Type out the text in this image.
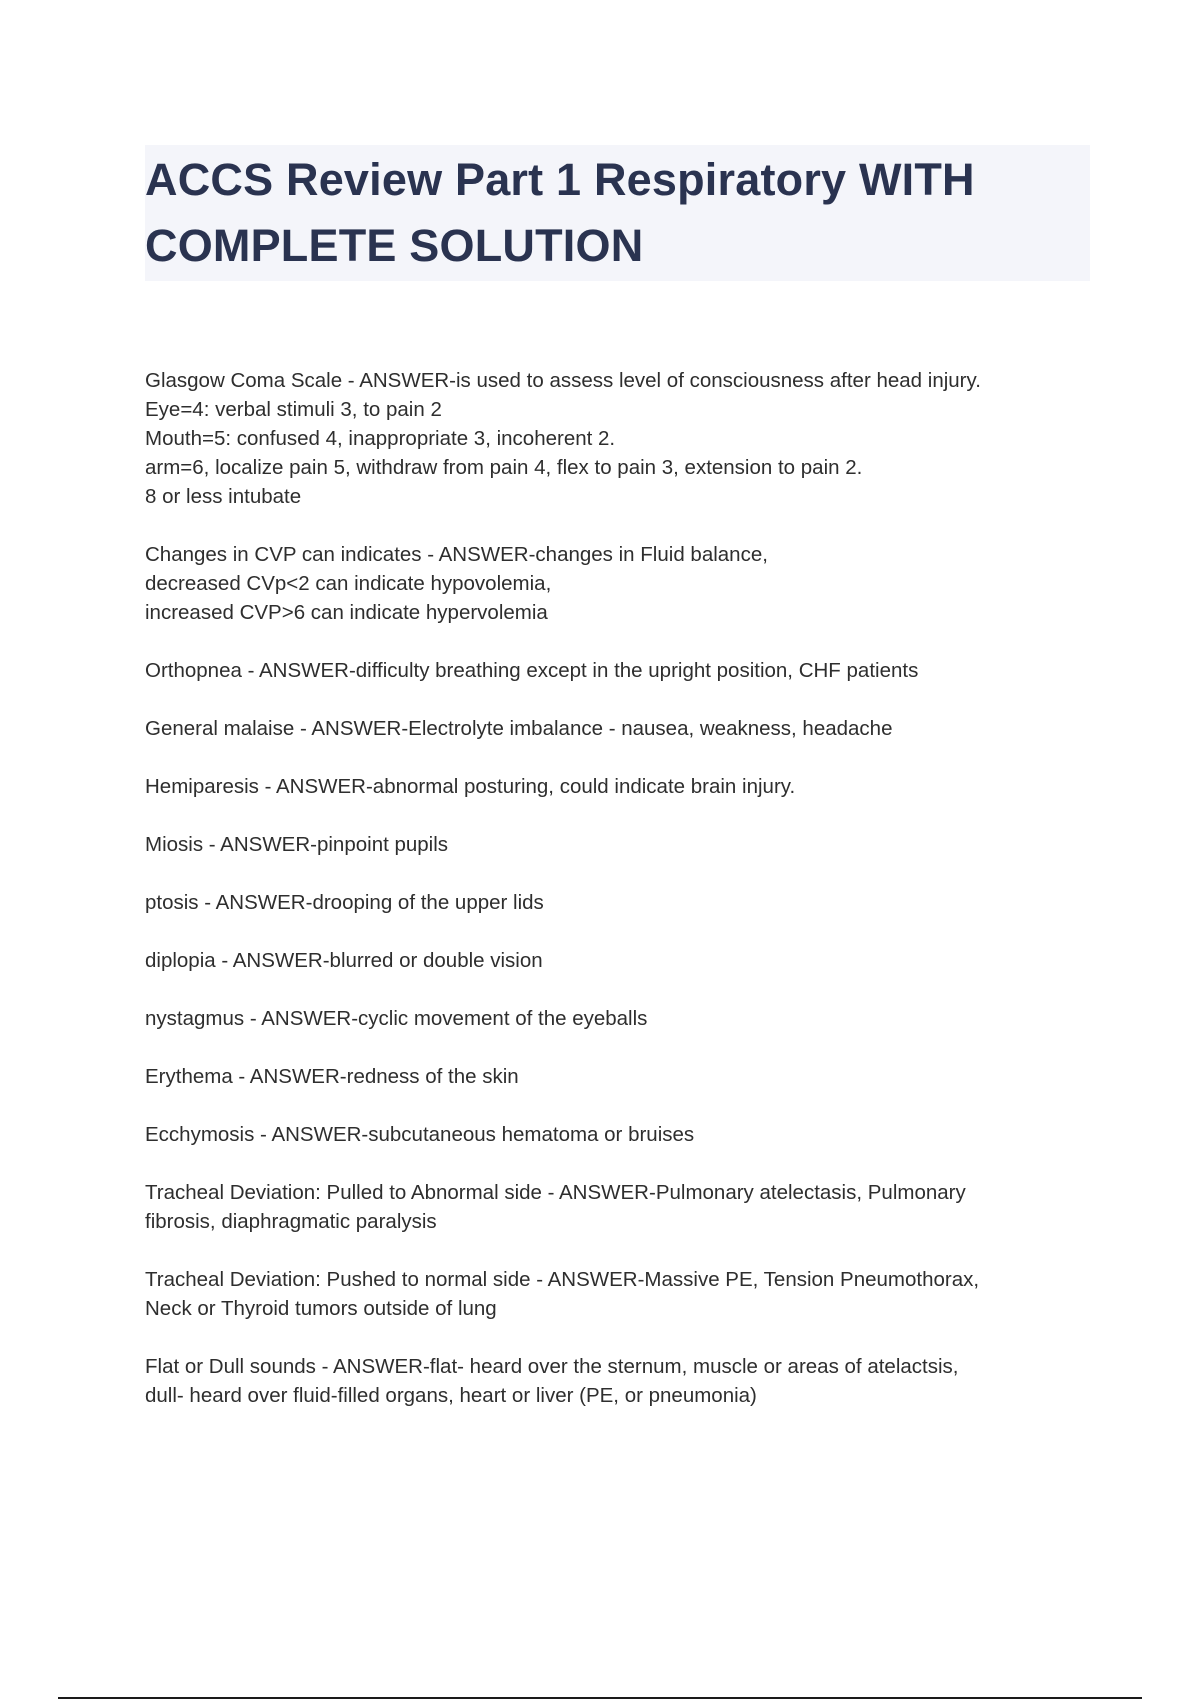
ACCS Review Part 1 Respiratory WITH COMPLETE SOLUTION

Glasgow Coma Scale - ANSWER-is used to assess level of consciousness after head injury.
Eye=4: verbal stimuli 3, to pain 2
Mouth=5: confused 4, inappropriate 3, incoherent 2.
arm=6, localize pain 5, withdraw from pain 4, flex to pain 3, extension to pain 2.
8 or less intubate

Changes in CVP can indicates - ANSWER-changes in Fluid balance,
decreased CVp<2 can indicate hypovolemia,
increased CVP>6 can indicate hypervolemia

Orthopnea - ANSWER-difficulty breathing except in the upright position, CHF patients

General malaise - ANSWER-Electrolyte imbalance - nausea, weakness, headache

Hemiparesis - ANSWER-abnormal posturing, could indicate brain injury.

Miosis - ANSWER-pinpoint pupils

ptosis - ANSWER-drooping of the upper lids

diplopia - ANSWER-blurred or double vision

nystagmus - ANSWER-cyclic movement of the eyeballs

Erythema - ANSWER-redness of the skin

Ecchymosis - ANSWER-subcutaneous hematoma or bruises

Tracheal Deviation: Pulled to Abnormal side - ANSWER-Pulmonary atelectasis, Pulmonary
fibrosis, diaphragmatic paralysis

Tracheal Deviation: Pushed to normal side - ANSWER-Massive PE, Tension Pneumothorax,
Neck or Thyroid tumors outside of lung

Flat or Dull sounds - ANSWER-flat- heard over the sternum, muscle or areas of atelactsis,
dull- heard over fluid-filled organs, heart or liver (PE, or pneumonia)
